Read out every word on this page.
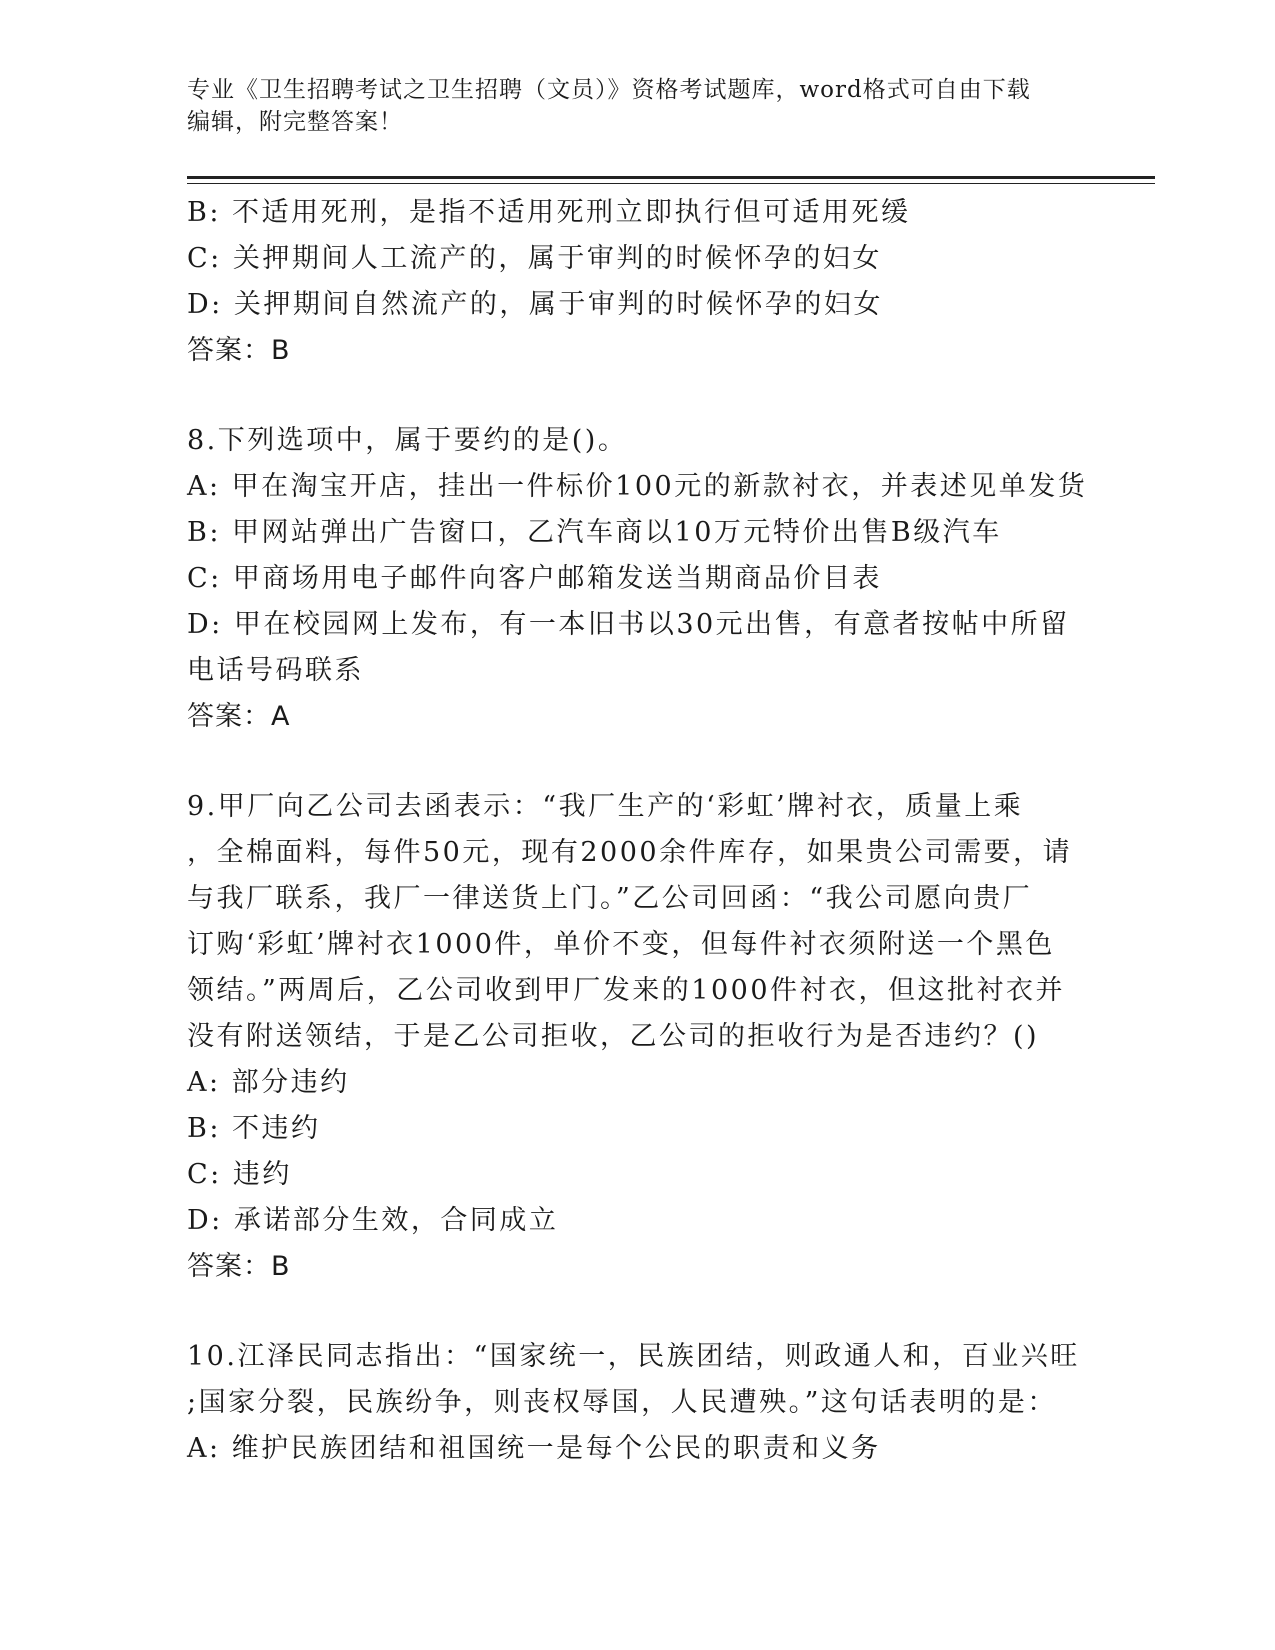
专业《卫生招聘考试之卫生招聘（文员）》资格考试题库，word格式可自由下载
编辑，附完整答案！
B: 不适用死刑，是指不适用死刑立即执行但可适用死缓
C: 关押期间人工流产的，属于审判的时候怀孕的妇女
D: 关押期间自然流产的，属于审判的时候怀孕的妇女
答案：B
8.下列选项中，属于要约的是()。
A: 甲在淘宝开店，挂出一件标价100元的新款衬衣，并表述见单发货
B: 甲网站弹出广告窗口，乙汽车商以10万元特价出售B级汽车
C: 甲商场用电子邮件向客户邮箱发送当期商品价目表
D: 甲在校园网上发布，有一本旧书以30元出售，有意者按帖中所留
电话号码联系
答案：A
9.甲厂向乙公司去函表示：“我厂生产的‘彩虹’牌衬衣，质量上乘
，全棉面料，每件50元，现有2000余件库存，如果贵公司需要，请
与我厂联系，我厂一律送货上门。”乙公司回函：“我公司愿向贵厂
订购‘彩虹’牌衬衣1000件，单价不变，但每件衬衣须附送一个黑色
领结。”两周后，乙公司收到甲厂发来的1000件衬衣，但这批衬衣并
没有附送领结，于是乙公司拒收，乙公司的拒收行为是否违约？()
A: 部分违约
B: 不违约
C: 违约
D: 承诺部分生效，合同成立
答案：B
10.江泽民同志指出：“国家统一，民族团结，则政通人和，百业兴旺
;国家分裂，民族纷争，则丧权辱国，人民遭殃。”这句话表明的是：
A: 维护民族团结和祖国统一是每个公民的职责和义务
